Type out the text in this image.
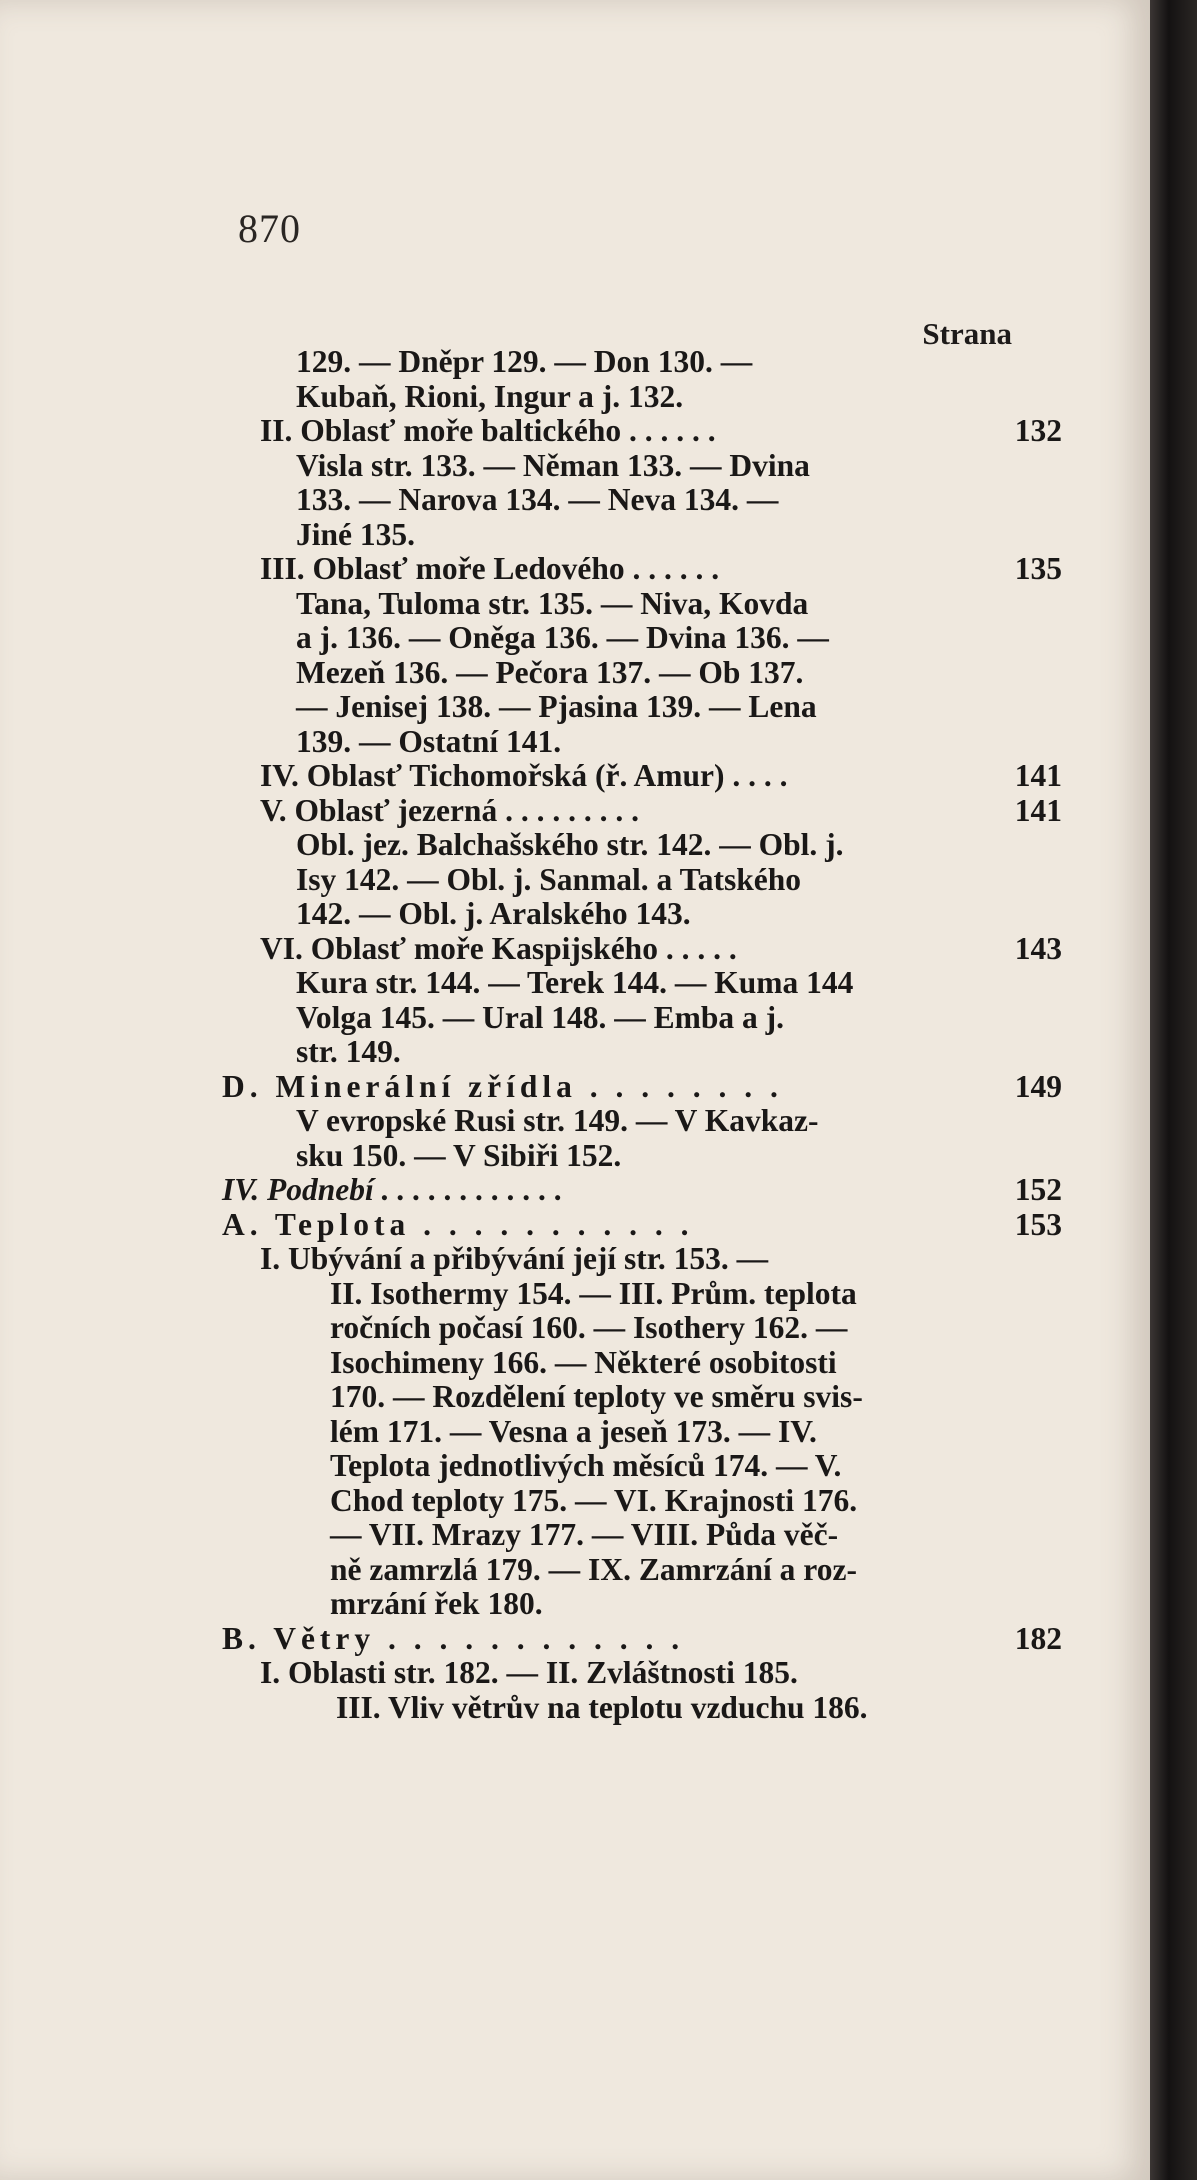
870
Strana
129. — Dněpr 129. — Don 130. —
Kubaň, Rioni, Ingur a j. 132.
II. Oblasť moře baltického . . . . . .	132
Visla str. 133. — Něman 133. — Dvina
133. — Narova 134. — Neva 134. —
Jiné 135.
III. Oblasť moře Ledového . . . . . .	135
Tana, Tuloma str. 135. — Niva, Kovda
a j. 136. — Oněga 136. — Dvina 136. —
Mezeň 136. — Pečora 137. — Ob 137.
— Jenisej 138. — Pjasina 139. — Lena
139. — Ostatní 141.
IV. Oblasť Tichomořská (ř. Amur) . . . .	141
V. Oblasť jezerná . . . . . . . . .	141
Obl. jez. Balchašského str. 142. — Obl. j.
Isy 142. — Obl. j. Sanmal. a Tatského
142. — Obl. j. Aralského 143.
VI. Oblasť moře Kaspijského . . . . .	143
Kura str. 144. — Terek 144. — Kuma 144
Volga 145. — Ural 148. — Emba a j.
str. 149.
D. Minerální zřídla . . . . . . . .	149
V evropské Rusi str. 149. — V Kavkaz-
sku 150. — V Sibiři 152.
IV. Podnebí . . . . . . . . . . . .	152
A. Teplota . . . . . . . . . . .	153
I. Ubývání a přibývání její str. 153. —
II. Isothermy 154. — III. Prům. teplota
ročních počasí 160. — Isothery 162. —
Isochimeny 166. — Některé osobitosti
170. — Rozdělení teploty ve směru svis-
lém 171. — Vesna a jeseň 173. — IV.
Teplota jednotlivých měsíců 174. — V.
Chod teploty 175. — VI. Krajnosti 176.
— VII. Mrazy 177. — VIII. Půda věč-
ně zamrzlá 179. — IX. Zamrzání a roz-
mrzání řek 180.
B. Větry . . . . . . . . . . . .	182
I. Oblasti str. 182. — II. Zvláštnosti 185.
III. Vliv větrův na teplotu vzduchu 186.
